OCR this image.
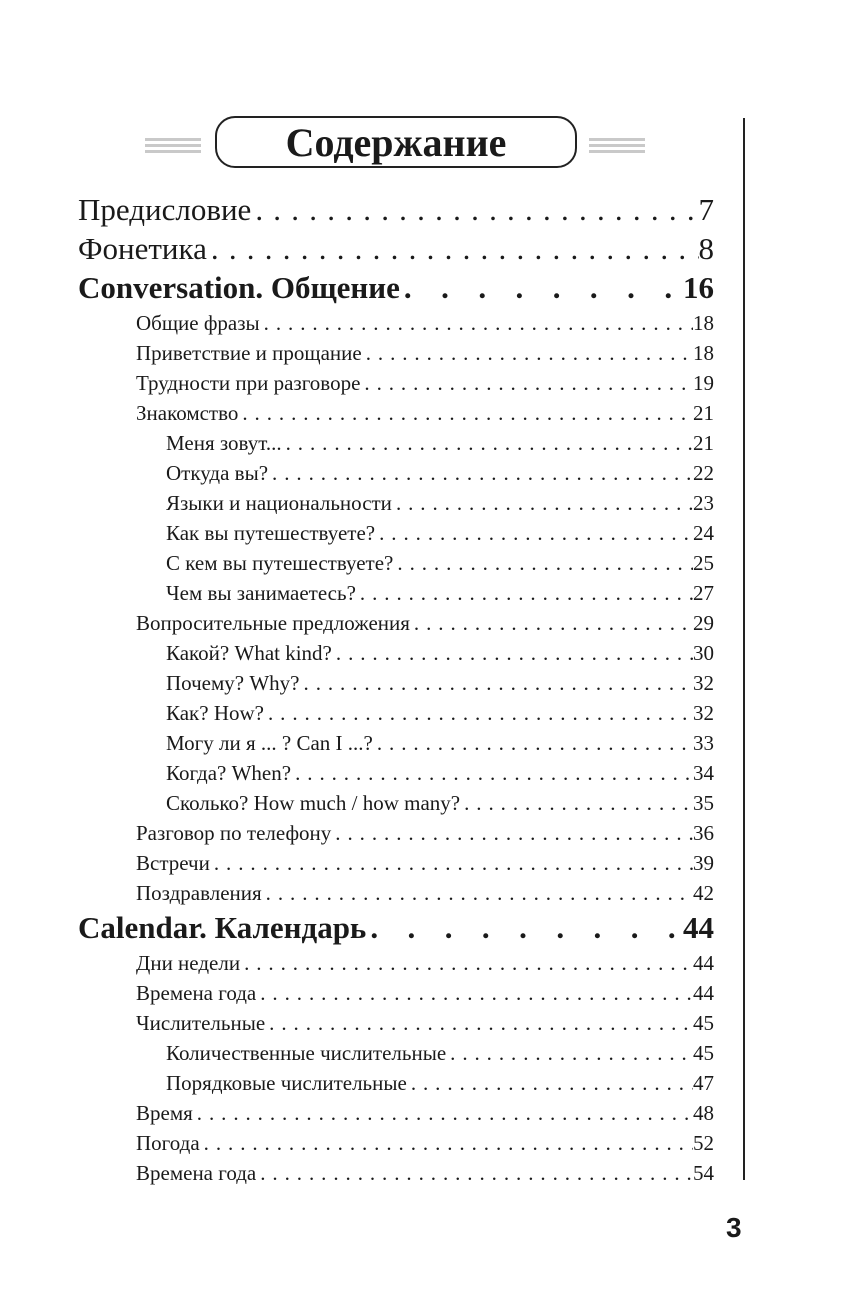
Содержание
Предисловие . . .	7
Фонетика . . .	8
Conversation. Общение . . .	16
Общие фразы . . .	18
Приветствие и прощание . . .	18
Трудности при разговоре . . .	19
Знакомство . . .	21
Меня зовут... . . .	21
Откуда вы? . . .	22
Языки и национальности . . .	23
Как вы путешествуете? . . .	24
С кем вы путешествуете? . . .	25
Чем вы занимаетесь? . . .	27
Вопросительные предложения . . .	29
Какой? What kind? . . .	30
Почему? Why? . . .	32
Как? How? . . .	32
Могу ли я ... ? Can I ...? . . .	33
Когда? When? . . .	34
Сколько? How much / how many? . . .	35
Разговор по телефону . . .	36
Встречи . . .	39
Поздравления . . .	42
Calendar. Календарь . . .	44
Дни недели . . .	44
Времена года . . .	44
Числительные . . .	45
Количественные числительные . . .	45
Порядковые числительные . . .	47
Время . . .	48
Погода . . .	52
Времена года . . .	54
3
